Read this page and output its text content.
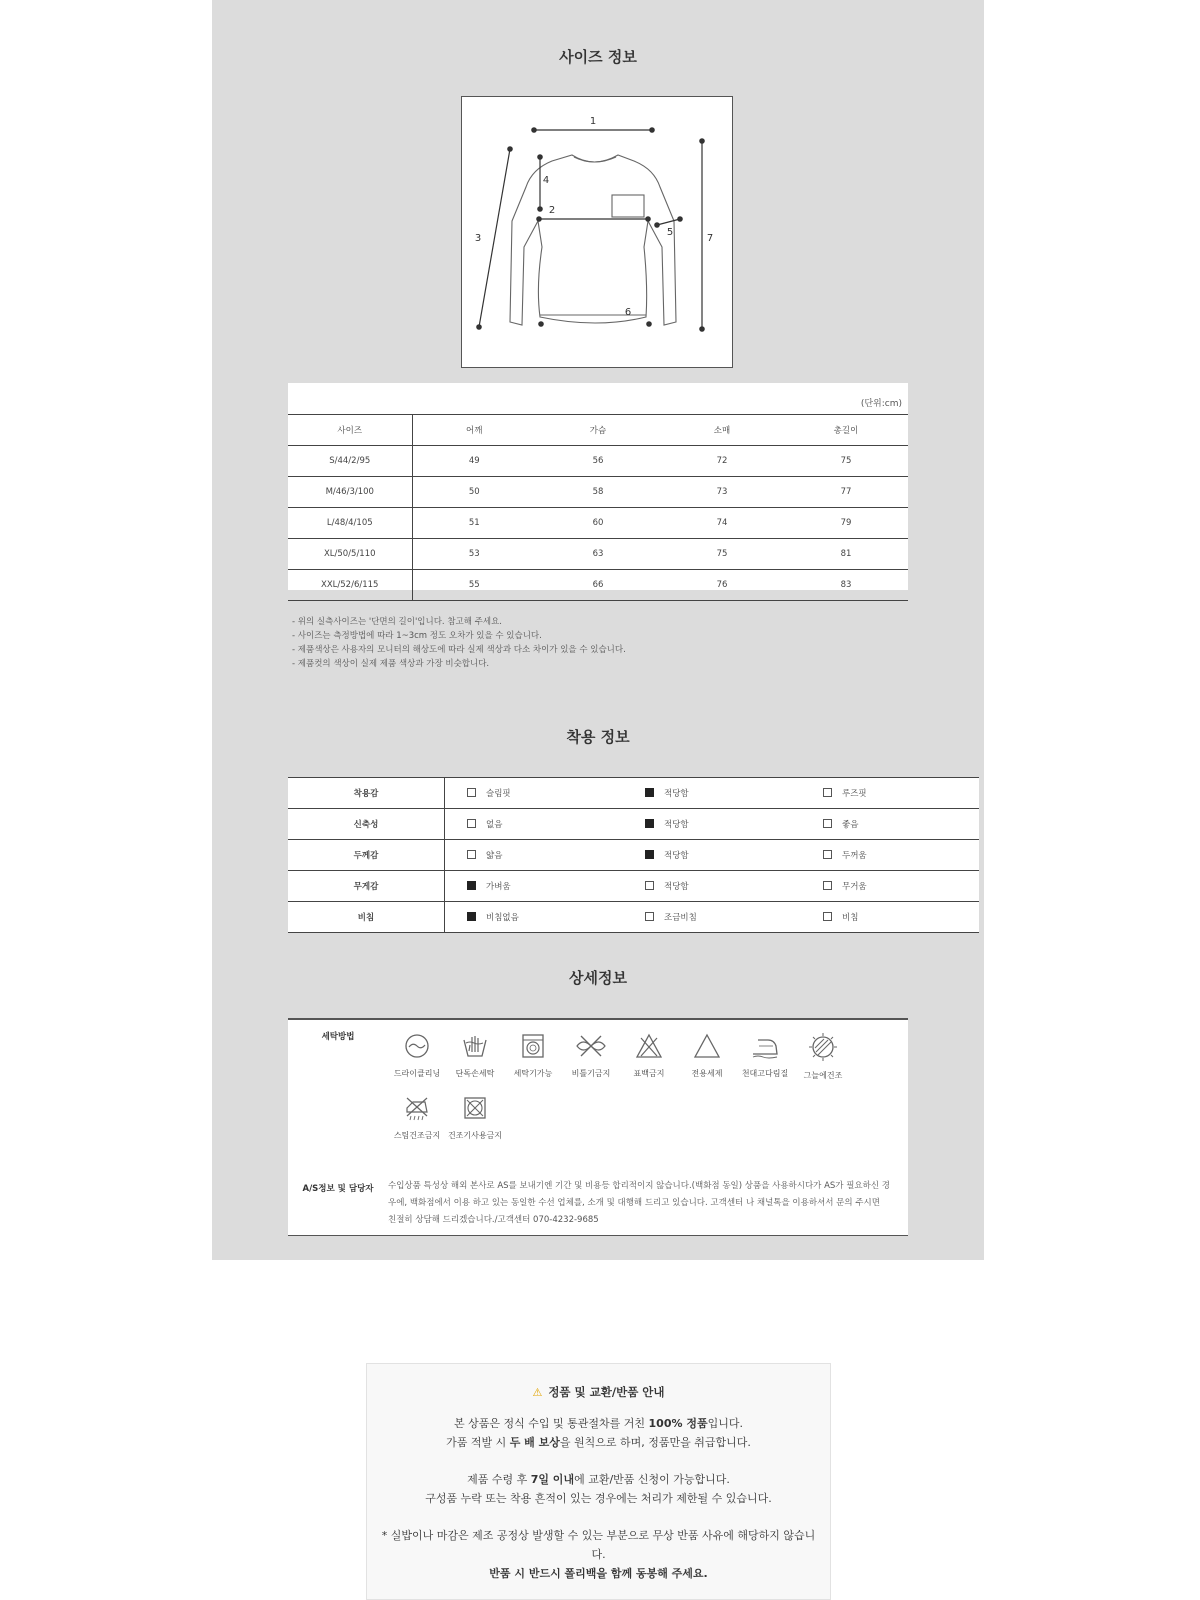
사이즈 정보
1
2
3
4
5
6
7
(단위:cm)
사이즈	어깨	가슴	소매	총길이
S/44/2/95	49	56	72	75
M/46/3/100	50	58	73	77
L/48/4/105	51	60	74	79
XL/50/5/110	53	63	75	81
XXL/52/6/115	55	66	76	83
- 위의 실측사이즈는 '단면의 길이'입니다. 참고해 주세요.
- 사이즈는 측정방법에 따라 1~3cm 정도 오차가 있을 수 있습니다.
- 제품색상은 사용자의 모니터의 해상도에 따라 실제 색상과 다소 차이가 있을 수 있습니다.
- 제품컷의 색상이 실제 제품 색상과 가장 비슷합니다.
착용 정보
착용감	슬림핏	적당함	루즈핏
신축성	없음	적당함	좋음
두께감	얇음	적당함	두꺼움
무게감	가벼움	적당함	무거움
비침	비침없음	조금비침	비침
상세정보
세탁방법
드라이클리닝	단독손세탁	세탁기가능	비틀기금지	표백금지	전용세제	천대고다림질	그늘에건조
스팀건조금지 건조기사용금지
A/S정보 및 담당자	수입상품 특성상 해외 본사로 AS를 보내기엔 기간 및 비용등 합리적이지 않습니다.(백화점 동일) 상품을 사용하시다가 AS가 필요하신 경
우에, 백화점에서 이용 하고 있는 동일한 수선 업체를, 소개 및 대행해 드리고 있습니다. 고객센터 나 채널톡을 이용하셔서 문의 주시면
친절히 상담해 드리겠습니다./고객센터 070-4232-9685
⚠ 정품 및 교환/반품 안내

본 상품은 정식 수입 및 통관절차를 거친 100% 정품입니다.

가품 적발 시 두 배 보상을 원칙으로 하며, 정품만을 취급합니다.

제품 수령 후 7일 이내에 교환/반품 신청이 가능합니다.

구성품 누락 또는 착용 흔적이 있는 경우에는 처리가 제한될 수 있습니다.

* 실밥이나 마감은 제조 공정상 발생할 수 있는 부분으로 무상 반품 사유에 해당하지 않습니

다.

반품 시 반드시 폴리백을 함께 동봉해 주세요.
